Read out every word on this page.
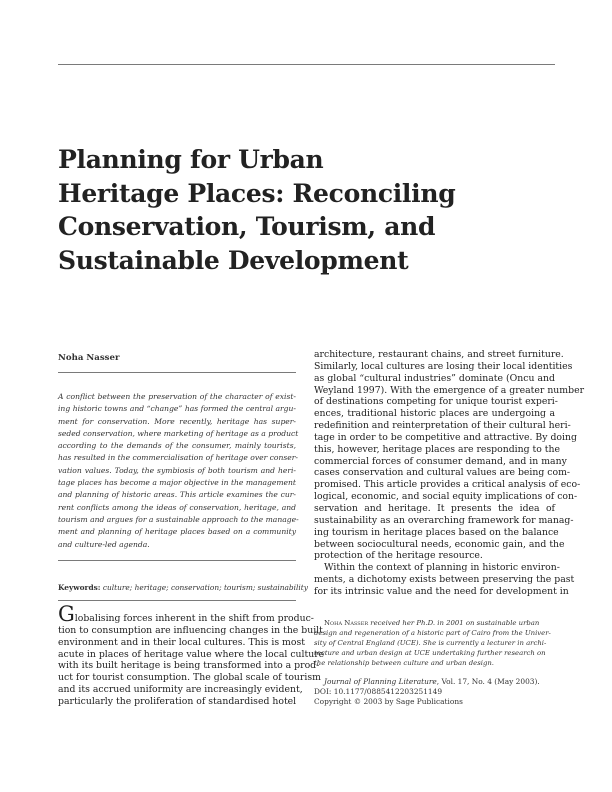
Planning for Urban
Heritage Places: Reconciling
Conservation, Tourism, and
Sustainable Development
Noha Nasser
A conflict between the preservation of the character of exist-
ing historic towns and “change” has formed the central argu-
ment for conservation. More recently, heritage has super-
seded conservation, where marketing of heritage as a product
according to the demands of the consumer, mainly tourists,
has resulted in the commercialisation of heritage over conser-
vation values. Today, the symbiosis of both tourism and heri-
tage places has become a major objective in the management
and planning of historic areas. This article examines the cur-
rent conflicts among the ideas of conservation, heritage, and
tourism and argues for a sustainable approach to the manage-
ment and planning of heritage places based on a community
and culture-led agenda.
Keywords: culture; heritage; conservation; tourism; sustainability
Globalising forces inherent in the shift from produc-
tion to consumption are influencing changes in the built
environment and in their local cultures. This is most
acute in places of heritage value where the local culture
with its built heritage is being transformed into a prod-
uct for tourist consumption. The global scale of tourism
and its accrued uniformity are increasingly evident,
particularly the proliferation of standardised hotel
architecture, restaurant chains, and street furniture.
Similarly, local cultures are losing their local identities
as global “cultural industries” dominate (Oncu and
Weyland 1997). With the emergence of a greater number
of destinations competing for unique tourist experi-
ences, traditional historic places are undergoing a
redefinition and reinterpretation of their cultural heri-
tage in order to be competitive and attractive. By doing
this, however, heritage places are responding to the
commercial forces of consumer demand, and in many
cases conservation and cultural values are being com-
promised. This article provides a critical analysis of eco-
logical, economic, and social equity implications of con-
servation and heritage. It presents the idea of
sustainability as an overarching framework for manag-
ing tourism in heritage places based on the balance
between sociocultural needs, economic gain, and the
protection of the heritage resource.
Within the context of planning in historic environ-
ments, a dichotomy exists between preserving the past
for its intrinsic value and the need for development in
Noha Nasser received her Ph.D. in 2001 on sustainable urban
design and regeneration of a historic part of Cairo from the Univer-
sity of Central England (UCE). She is currently a lecturer in archi-
tecture and urban design at UCE undertaking further research on
the relationship between culture and urban design.
Journal of Planning Literature, Vol. 17, No. 4 (May 2003).
DOI: 10.1177/0885412203251149
Copyright © 2003 by Sage Publications
